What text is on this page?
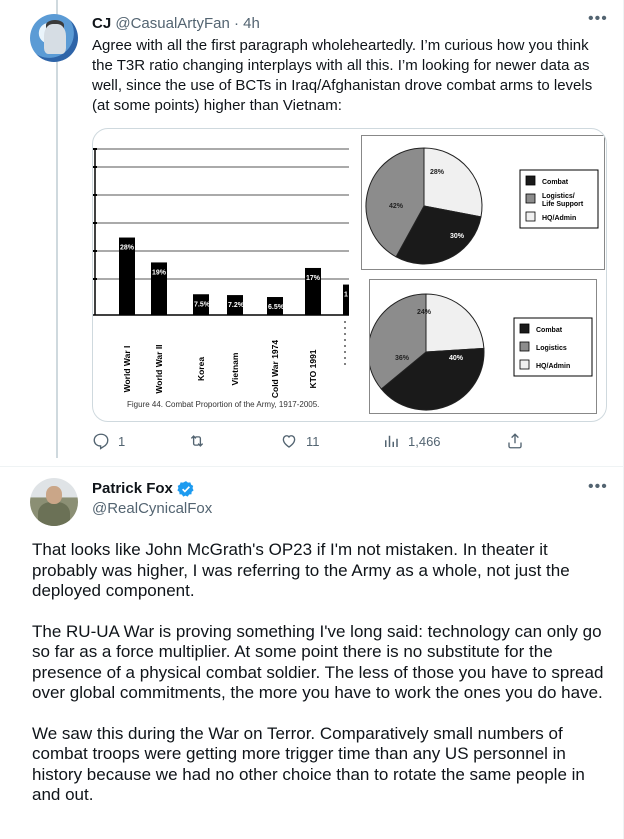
CJ @CasualArtyFan · 4h	•••
Agree with all the first paragraph wholeheartedly. I’m curious how you think the T3R ratio changing interplays with all this. I’m looking for newer data as well, since the use of BCTs in Iraq/Afghanistan drove combat arms to levels (at some points) higher than Vietnam:
28%
World War I
19%
World War II
7.5%
Korea
7.2%
Vietnam
6.5%
Cold War 1974
17%
KTO 1991
1
Figure 44. Combat Proportion of the Army, 1917-2005.
30%
42%
28%
Combat
Logistics/
Life Support
HQ/Admin
40%
36%
24%
Combat
Logistics
HQ/Admin
1	11	1,466
Patrick Fox
@RealCynicalFox
•••

That looks like John McGrath's OP23 if I'm not mistaken. In theater it probably was higher, I was referring to the Army as a whole, not just the deployed component.

The RU-UA War is proving something I've long said: technology can only go so far as a force multiplier. At some point there is no substitute for the presence of a physical combat soldier. The less of those you have to spread over global commitments, the more you have to work the ones you do have.

We saw this during the War on Terror. Comparatively small numbers of combat troops were getting more trigger time than any US personnel in history because we had no other choice than to rotate the same people in and out.
